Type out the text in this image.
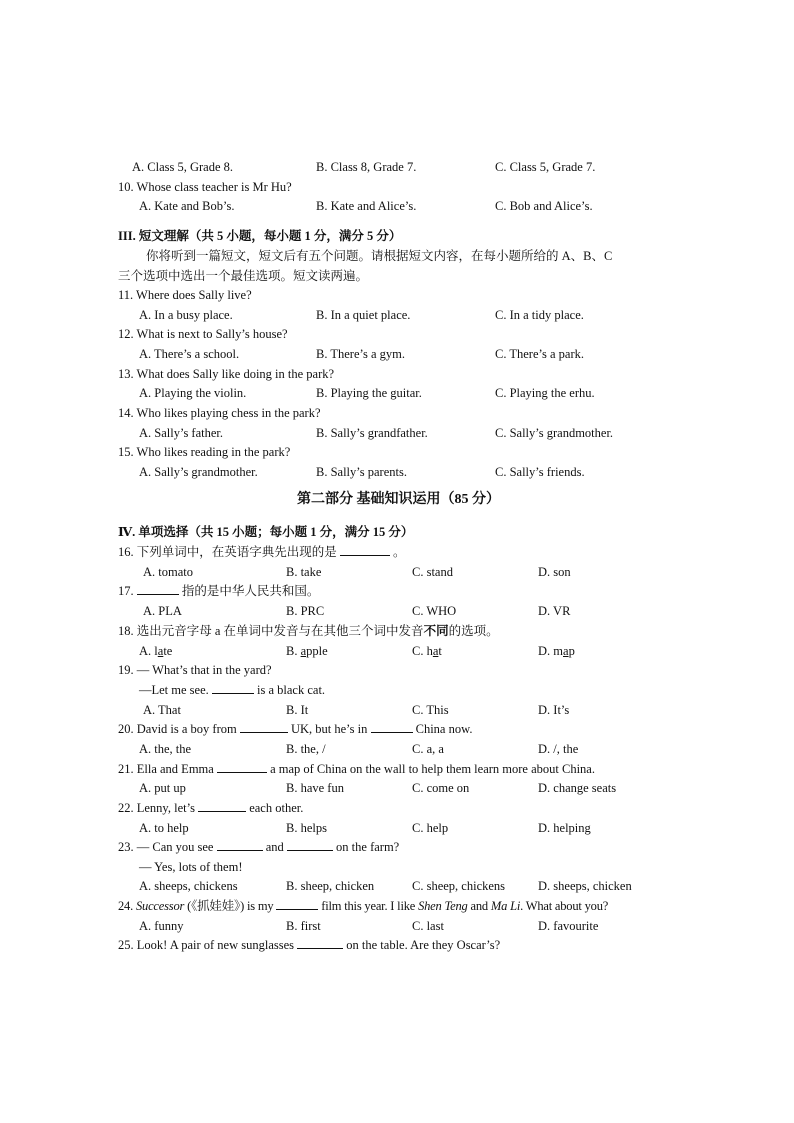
A. Class 5, Grade 8.	B. Class 8, Grade 7.	C. Class 5, Grade 7.
10. Whose class teacher is Mr Hu?
A. Kate and Bob’s.	B. Kate and Alice’s.	C. Bob and Alice’s.
III. 短文理解（共 5 小题，每小题 1 分，满分 5 分）
你将听到一篇短文，短文后有五个问题。请根据短文内容，在每小题所给的 A、B、C
三个选项中选出一个最佳选项。短文读两遍。
11. Where does Sally live?
A. In a busy place.	B. In a quiet place.	C. In a tidy place.
12. What is next to Sally’s house?
A. There’s a school.	B. There’s a gym.	C. There’s a park.
13. What does Sally like doing in the park?
A. Playing the violin.	B. Playing the guitar.	C. Playing the erhu.
14. Who likes playing chess in the park?
A. Sally’s father.	B. Sally’s grandfather.	C. Sally’s grandmother.
15. Who likes reading in the park?
A. Sally’s grandmother.	B. Sally’s parents.	C. Sally’s friends.
第二部分 基础知识运用（85 分）
Ⅳ. 单项选择（共 15 小题；每小题 1 分，满分 15 分）
16. 下列单词中，在英语字典先出现的是	。
A. tomato	B. take	C. stand	D. son
17.	指的是中华人民共和国。
A. PLA	B. PRC	C. WHO	D. VR
18. 选出元音字母 a 在单词中发音与在其他三个词中发音不同的选项。
A. late	B. apple	C. hat	D. map
19. — What’s that in the yard?
—Let me see.	is a black cat.
A. That	B. It	C. This	D. It’s
20. David is a boy from	UK, but he’s in	China now.
A. the, the	B. the, /	C. a, a	D. /, the
21. Ella and Emma	a map of China on the wall to help them learn more about China.
A. put up	B. have fun	C. come on	D. change seats
22. Lenny, let’s	each other.
A. to help	B. helps	C. help	D. helping
23. — Can you see	and	on the farm?
— Yes, lots of them!
A. sheeps, chickens	B. sheep, chicken	C. sheep, chickens	D. sheeps, chicken
24. Successor (《抓娃娃》) is my	film this year. I like Shen Teng and Ma Li. What about you?
A. funny	B. first	C. last	D. favourite
25. Look! A pair of new sunglasses	on the table. Are they Oscar’s?
